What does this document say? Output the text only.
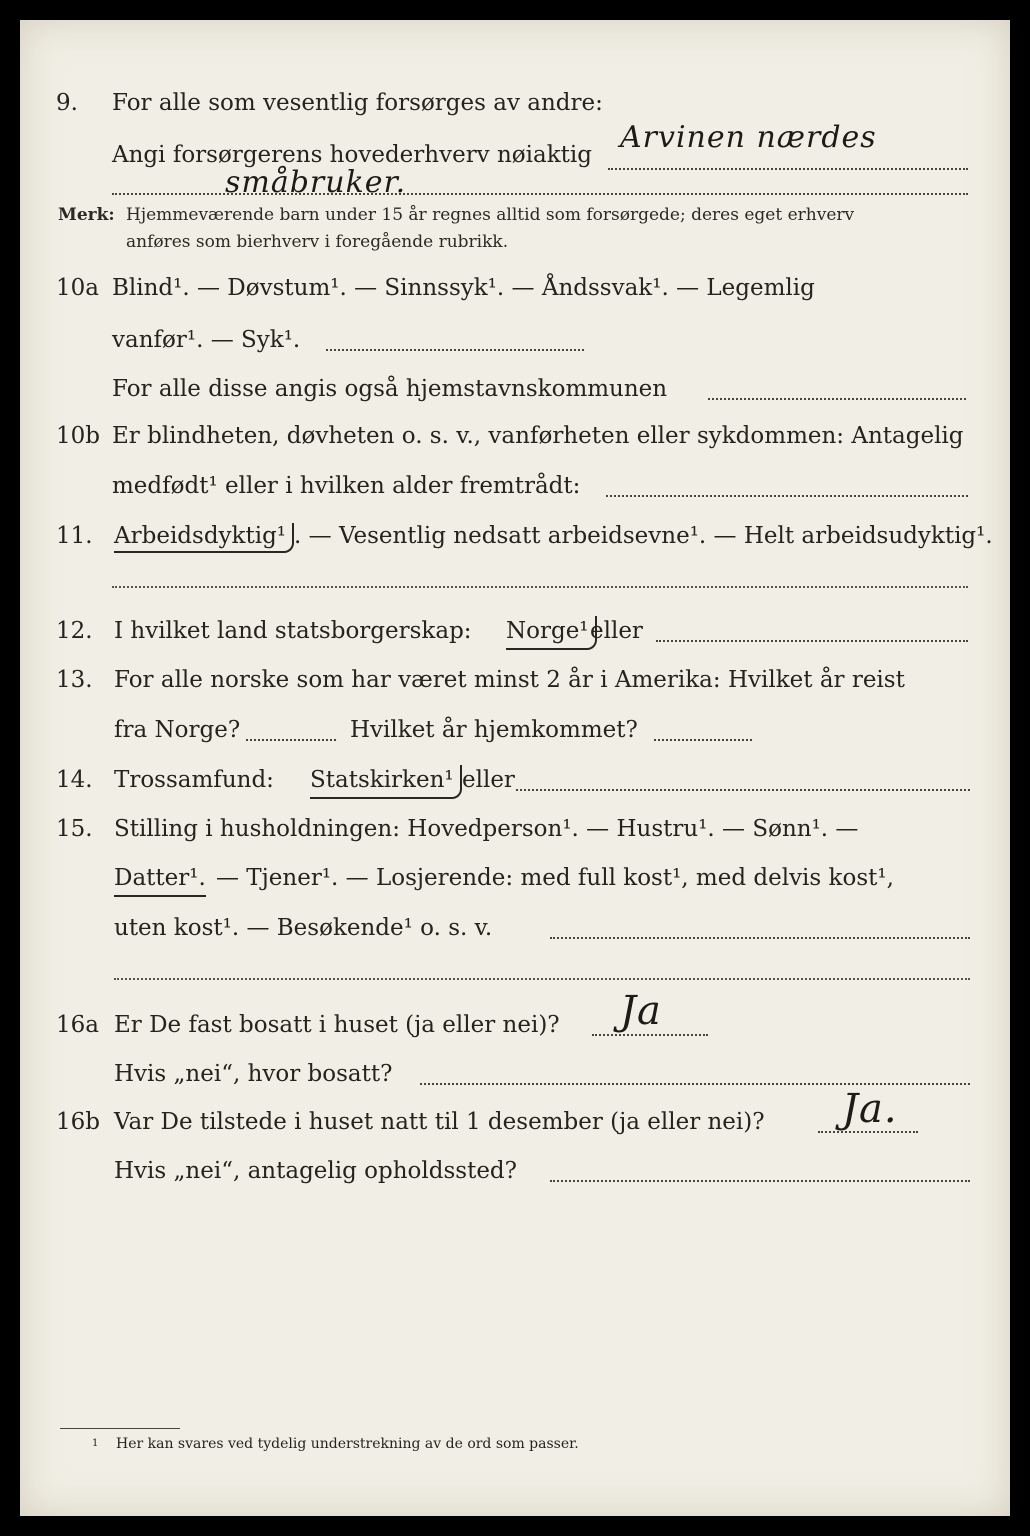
9. For alle som vesentlig forsørges av andre:
Angi forsørgerens hovederhverv nøiaktig Arvinen nærdes
småbruker.
Merk: Hjemmeværende barn under 15 år regnes alltid som forsørgede; deres eget erhverv
anføres som bierhverv i foregående rubrikk.
10a Blind¹. — Døvstum¹. — Sinnssyk¹. — Åndssvak¹. — Legemlig
vanfør¹. — Syk¹.
For alle disse angis også hjemstavnskommunen
10b Er blindheten, døvheten o. s. v., vanførheten eller sykdommen: Antagelig
medfødt¹ eller i hvilken alder fremtrådt:
11. Arbeidsdyktig¹ . — Vesentlig nedsatt arbeidsevne¹. — Helt arbeidsudyktig¹.
12. I hvilket land statsborgerskap: Norge¹ eller
13. For alle norske som har været minst 2 år i Amerika: Hvilket år reist
fra Norge?	Hvilket år hjemkommet?
14. Trossamfund: Statskirken¹ eller
15. Stilling i husholdningen: Hovedperson¹. — Hustru¹. — Sønn¹. —
Datter¹. — Tjener¹. — Losjerende: med full kost¹, med delvis kost¹,
uten kost¹. — Besøkende¹ o. s. v.
16a Er De fast bosatt i huset (ja eller nei)? Ja
Hvis „nei“, hvor bosatt?
16b Var De tilstede i huset natt til 1 desember (ja eller nei)? Ja.
Hvis „nei“, antagelig opholdssted?
1 Her kan svares ved tydelig understrekning av de ord som passer.
